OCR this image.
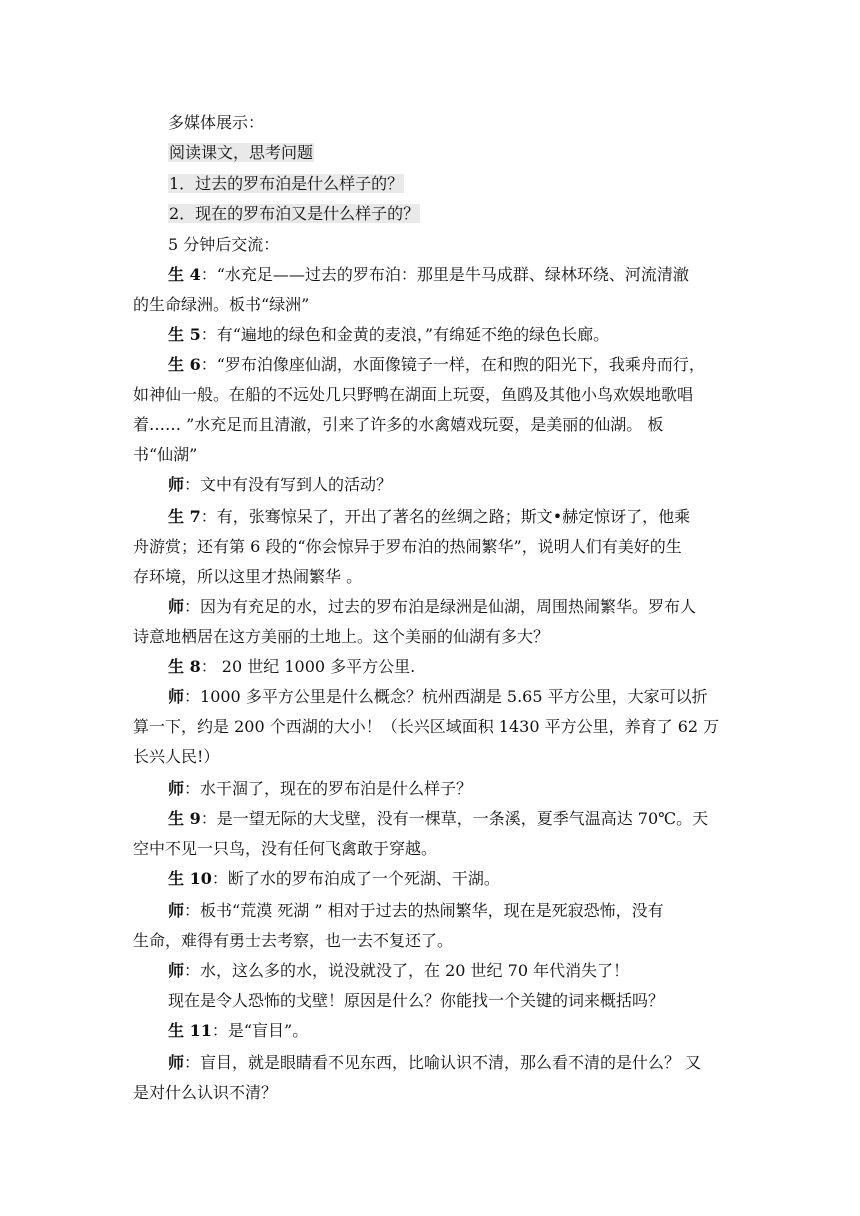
多媒体展示：
阅读课文，思考问题
1．过去的罗布泊是什么样子的？
2．现在的罗布泊又是什么样子的？
5 分钟后交流：
生 4：“水充足——过去的罗布泊：那里是牛马成群、绿林环绕、河流清澈
的生命绿洲。板书“绿洲”
生 5：有“遍地的绿色和金黄的麦浪，”有绵延不绝的绿色长廊。
生 6：“罗布泊像座仙湖，水面像镜子一样，在和煦的阳光下，我乘舟而行，
如神仙一般。在船的不远处几只野鸭在湖面上玩耍，鱼鸥及其他小鸟欢娱地歌唱
着…… ”水充足而且清澈，引来了许多的水禽嬉戏玩耍，是美丽的仙湖。 板
书“仙湖”
师：文中有没有写到人的活动？
生 7：有，张骞惊呆了，开出了著名的丝绸之路；斯文•赫定惊讶了，他乘
舟游赏；还有第 6 段的“你会惊异于罗布泊的热闹繁华”，说明人们有美好的生
存环境，所以这里才热闹繁华 。
师：因为有充足的水，过去的罗布泊是绿洲是仙湖，周围热闹繁华。罗布人
诗意地栖居在这方美丽的土地上。这个美丽的仙湖有多大？
生 8： 20 世纪 1000 多平方公里.
师：1000 多平方公里是什么概念？杭州西湖是 5.65 平方公里，大家可以折
算一下，约是 200 个西湖的大小！（长兴区域面积 1430 平方公里，养育了 62 万
长兴人民!）
师：水干涸了，现在的罗布泊是什么样子？
生 9：是一望无际的大戈壁，没有一棵草，一条溪，夏季气温高达 70℃。天
空中不见一只鸟，没有任何飞禽敢于穿越。
生 10：断了水的罗布泊成了一个死湖、干湖。
师：板书“荒漠 死湖 ” 相对于过去的热闹繁华，现在是死寂恐怖，没有
生命，难得有勇士去考察，也一去不复还了。
师：水，这么多的水，说没就没了，在 20 世纪 70 年代消失了！
现在是令人恐怖的戈壁！原因是什么？你能找一个关键的词来概括吗？
生 11：是“盲目”。
师：盲目，就是眼睛看不见东西，比喻认识不清，那么看不清的是什么？ 又
是对什么认识不清？
